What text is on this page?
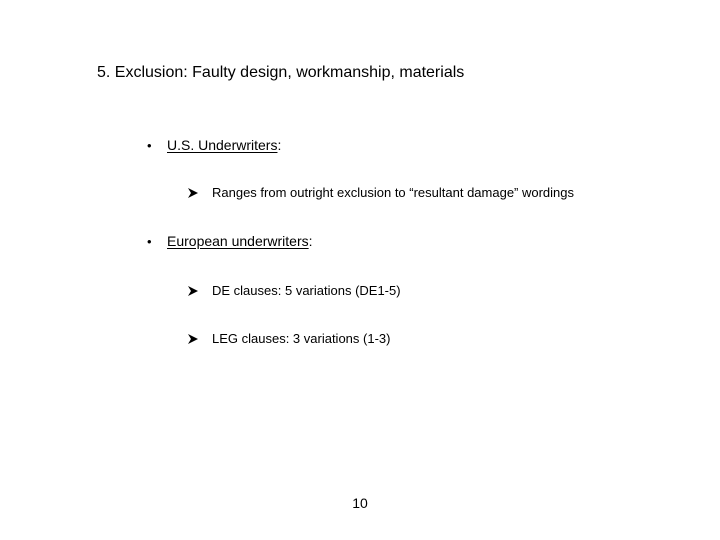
5. Exclusion: Faulty design, workmanship, materials
•	U.S. Underwriters :
Ranges from outright exclusion to “resultant damage” wordings
•	European underwriters :
DE clauses: 5 variations (DE1-5)
LEG clauses: 3 variations (1-3)
10
